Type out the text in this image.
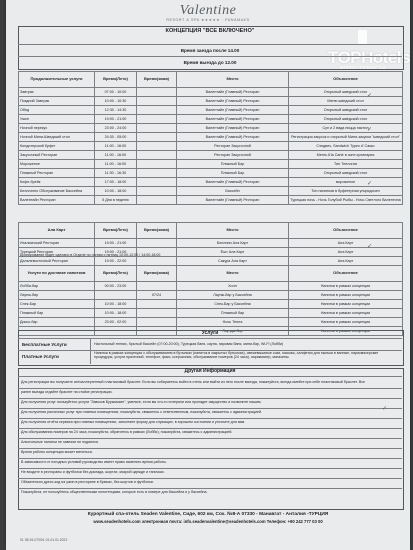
Valentine
RESORT & SPA ★★★★★ · PANAMAKS
TOPHotels
ФОТО ТУРИСТА
КОНЦЕПЦИЯ "ВСЕ ВКЛЮЧЕНО"
Время заезда после 14.00
Время выезда до 12.00
Продолжительные услуги	Время(Лето)	Время(зима)	Место	Объяснение
Завтрак	07:00 - 10:00		Валентайн (Главный) Ресторан	Открытый шведский стол
Поздний Завтрак	10:00 - 10:30		Валентайн (Главный) Ресторан	Меню шведский стол
Обед	12:30 - 14:30		Валентайн (Главный) Ресторан	Открытый шведский стол
Ужин	19:00 - 21:00		Валентайн (Главный) Ресторан	Открытый шведский стол
Ночной перекус	23:00 - 24:00		Валентайн (Главный) Ресторан	Суп и 2 вида пицца пастил
Ночной Мини-Шведский стол	24:30 - 05:00		Валентайн (Главный) Ресторан	Регистрация закусок и открытый Мини-закуски "шведский стол"
Кондитерский буфет	11:00 - 16:00		Ресторан Закусочной	Сэндвич, Sandwich Турек d' Сакко
Закусочный Ресторан	11:00 - 16:00		Ресторан Закусочной	Меню А'la Carte в зоне кулинария
Мороженое	11:00 - 16:00		Пляжный Бар	Тип Теплогия
Пляжный Ресторан	11:30 - 16:30		Пляжный Бар	Открытый шведский стол
Кофе-брейк	17:00 - 18:00		Валентайн (Главный) Ресторан	мороженое
Бесплатно Обслуживание Бассейна	10:00 - 18:00		Бассейн	Тип напитков в буфетерная упорядочен
Валентайн Ресторан	5 Дня в неделю		Валентайн (Главный) Ресторан	Турецкая ночь - Ночь Голубой Рыбы - Ночь Светлого Валентина
Ала Карт	Время(Лето)	Время(зима)	Место	Объяснение
Итальянский Ресторан	19:00 - 21:00		Беллини Ала Карт	Ала Карт
Турецкий Ресторан	19:00 - 21:00		Ёшт Ала Карт	Ала Карт
Дальневосточный Ресторан	19:00 - 22:00		Сакура Ала Карт	Ала Карт
Бронирование будет сделано в Отделе по гостям с пятниц 10:00-12:00 / 14:00-18:00
Услуги по доставке напитков	Время(Лето)	Время(зима)	Место	Объяснение
Лобби-бар	00:00 - 23:00		Холл	Напитки в рамках концепции
Лаунж-бар		07/24	Лаунж-бар у Бассейна	Напитки в рамках концепции
Снек-Бар	10:00 - 18:00		Снек-Бар у Бассейна	Напитки в рамках концепции
Пляжный бар	10:00 - 18:00		Пляжный бар	Напитки в рамках концепции
Диско-бар	23:00 - 02:00		Ночь Тепла	Напитки в рамках концепции
			Лаундж-бар	Напитки в рамках концепции
Услуги
Бесплатные Услуги	Настольный теннис, Крытый бассейн (07:00-20:00), Турецкая баня, сауна, паровая баня, мини-бар, Wi-Fi (Лобби)
Платные Услуги
Напитки в рамках концепции с обслуживанием в бутылках (напиток в закрытых бутылках), свежевыжатые соки, массаж, салфетки для пыльки в ванные, парикмахерские процедуры, услуги прачечной, телефон, факс, ксерокопия, обслуживание номеров (24 часа), парикмахер, магазины.
Другая Информация
Для регистрации вы получаете антиаллергенный пластиковый браслет. Если вы собираетесь войти в отель или выйти из него после выезда, пожалуйста, всегда имейте при себе пластиковый браслет. Все
ранее выезда отдайте браслет на стойке регистрации.
Для получения услуг пользуйтесь услуги "Завсков Бурымские", уменьте, если вы что-то потеряли или пропадет имущество и позвоните нашим.
Для получения различных услуг при главных помещениях, пожалуйста, свяжитесь с ответственным, пожалуйста, свяжитесь с администрацией.
Для получения отчёта сервиса при главных помещениях, заполните форму для служащих, в хорошем состоянии и уточните для вам.
Для обслуживания номеров на 24 часа, пожалуйста, обратитесь в рамках (Лобби), пожалуйста, свяжитесь с администрацией.
Алкогольные напитки не завезли не подаются.
Время работы концепции может меняться.
В зависимости от погодных условий руководство имеет право изменять время работы.
Не входите в рестораны и футболки без доклада, шортах, мокрой одежде и тапочках.
Обязательно дресс-код на ужин в ресторане в брюках, без шортов и футболки.
Пожалуйста, не пользуйтесь общественными полотенцами, которые есть в номере для бассейна и у бассейна.
Курортный спа-отель Seaden Valentine, Сиде, 602 км, Сох. №8-А 07330 - Манавгат - Анталия -ТУРЦИЯ
www.seadenhotels.com электронная почта: info.seadenvalentine@seadenhotels.com Телефон: +90 242 777 03 00
01 08 26-07/001 01.01.01.2022
✓
✓
✓
✓
✓
